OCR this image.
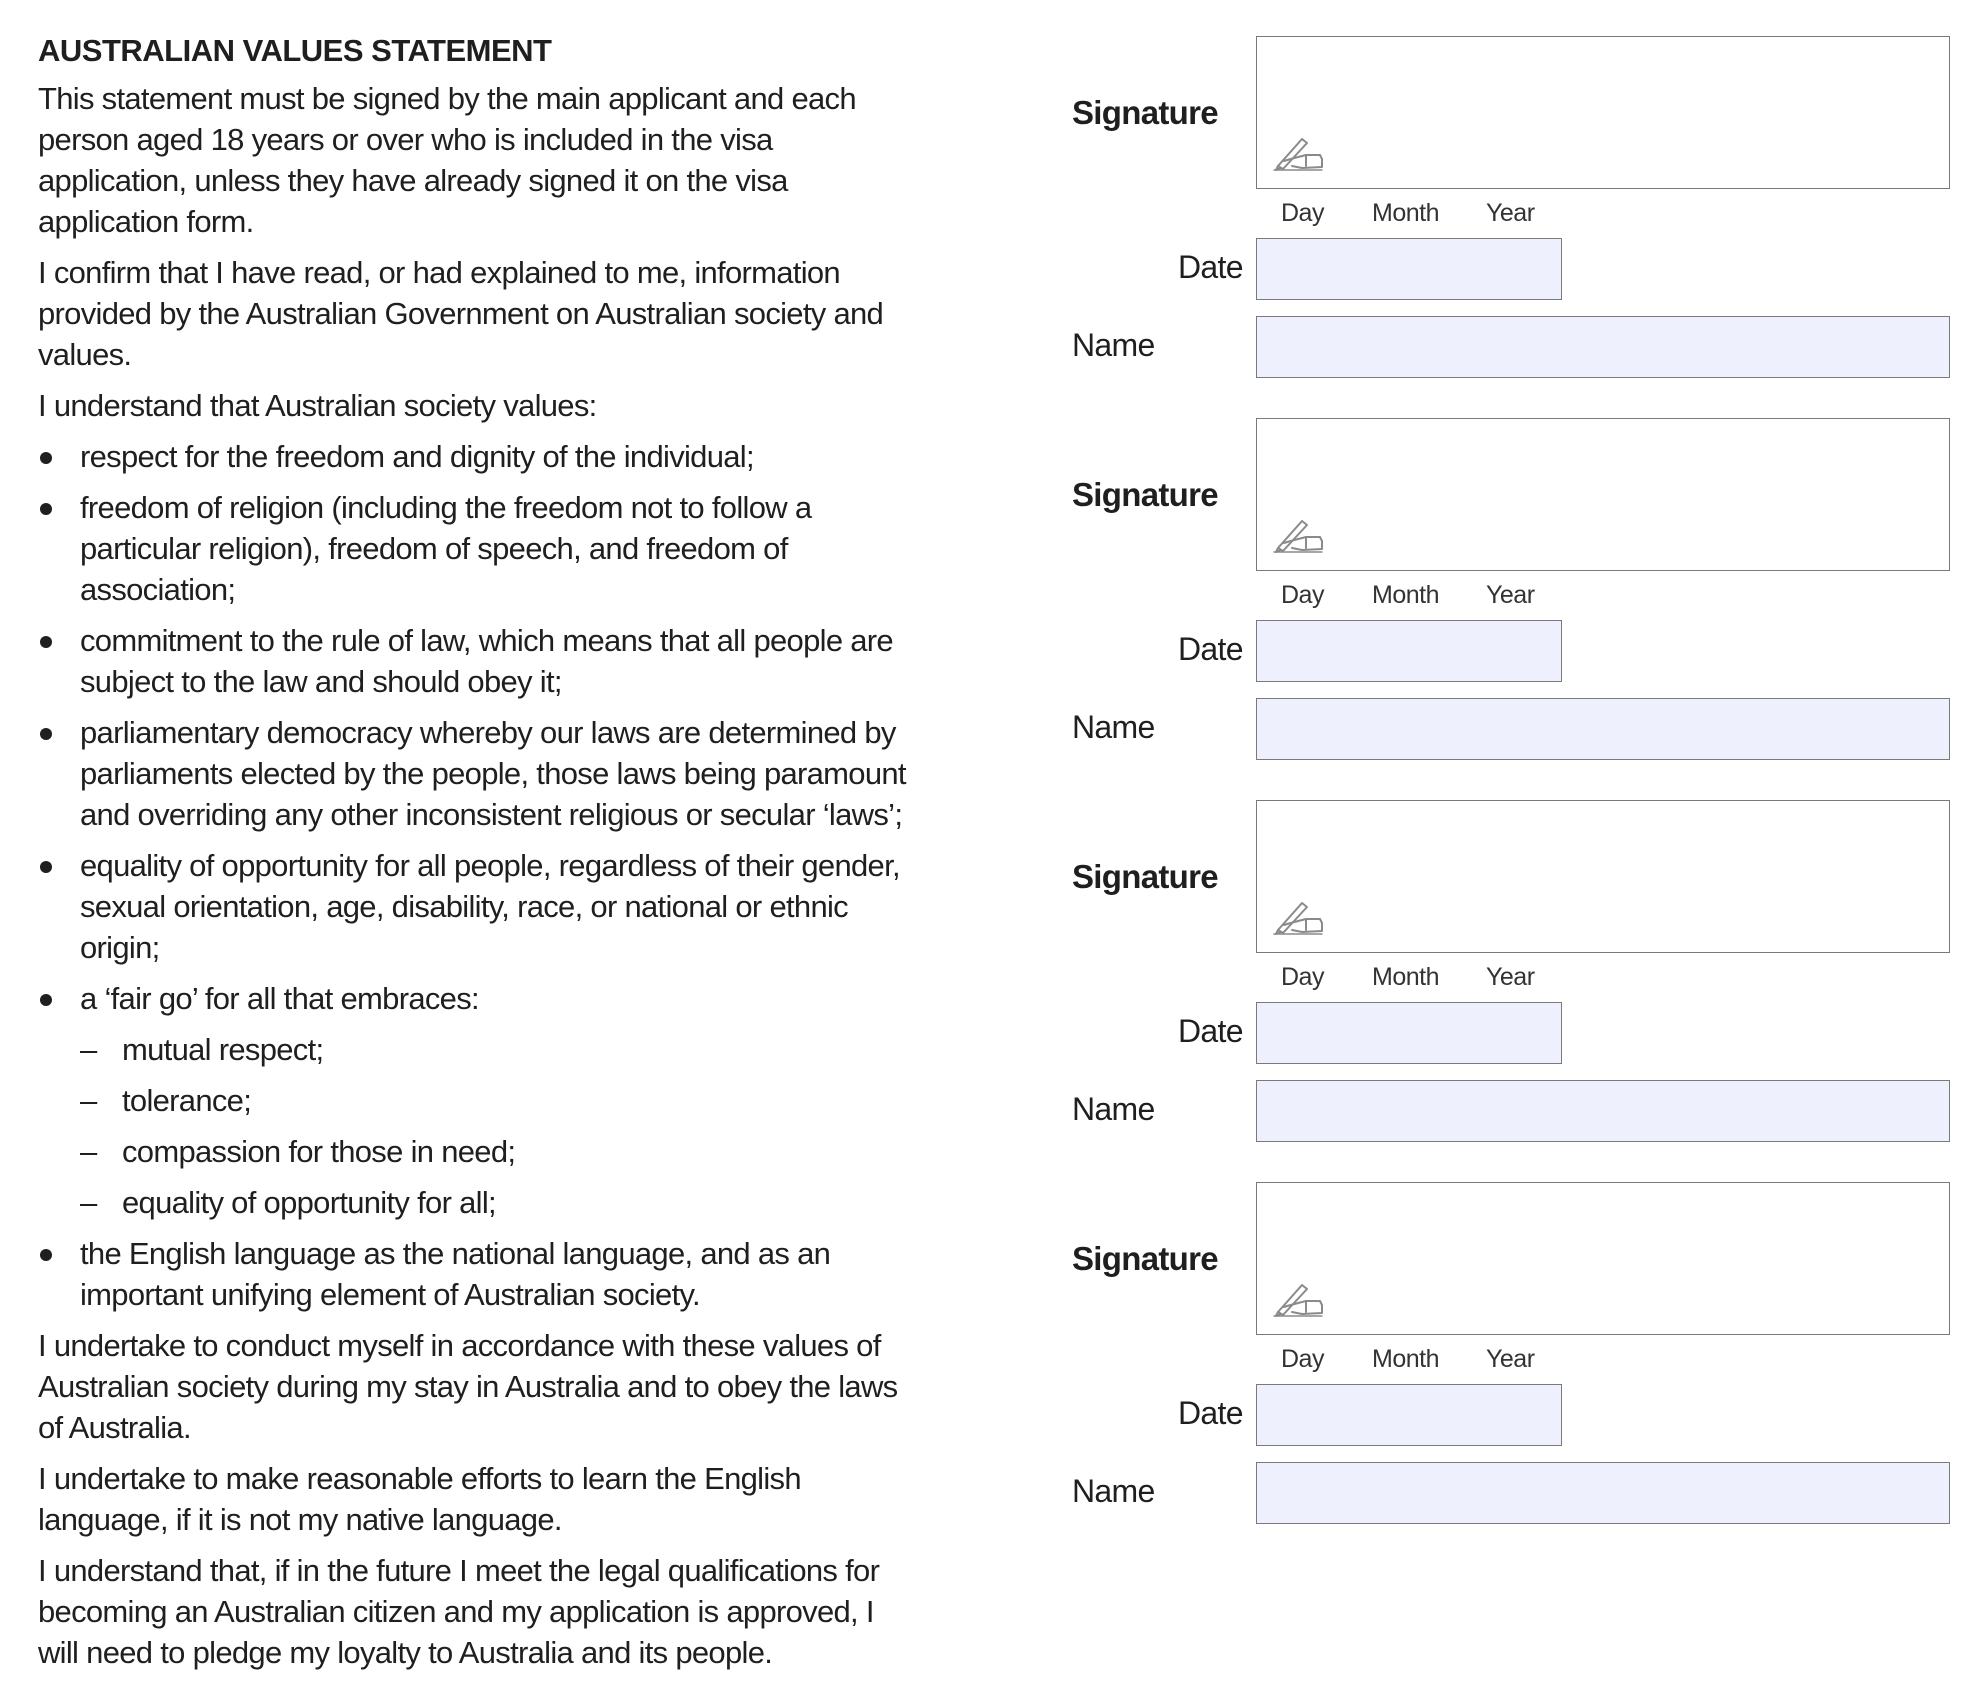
AUSTRALIAN VALUES STATEMENT

This statement must be signed by the main applicant and each person aged 18 years or over who is included in the visa application, unless they have already signed it on the visa application form.

I confirm that I have read, or had explained to me, information provided by the Australian Government on Australian society and values.

I understand that Australian society values:

respect for the freedom and dignity of the individual;
freedom of religion (including the freedom not to follow a particular religion), freedom of speech, and freedom of association;
commitment to the rule of law, which means that all people are subject to the law and should obey it;
parliamentary democracy whereby our laws are determined by parliaments elected by the people, those laws being paramount and overriding any other inconsistent religious or secular ‘laws’;
equality of opportunity for all people, regardless of their gender, sexual orientation, age, disability, race, or national or ethnic origin;
a ‘fair go’ for all that embraces:
– mutual respect;
– tolerance;
– compassion for those in need;
– equality of opportunity for all;
the English language as the national language, and as an important unifying element of Australian society.

I undertake to conduct myself in accordance with these values of Australian society during my stay in Australia and to obey the laws of Australia.

I undertake to make reasonable efforts to learn the English language, if it is not my native language.

I understand that, if in the future I meet the legal qualifications for becoming an Australian citizen and my application is approved, I will need to pledge my loyalty to Australia and its people.

Signature
Day Month Year
Date
Name
Signature
Day Month Year
Date
Name
Signature
Day Month Year
Date
Name
Signature
Day Month Year
Date
Name
